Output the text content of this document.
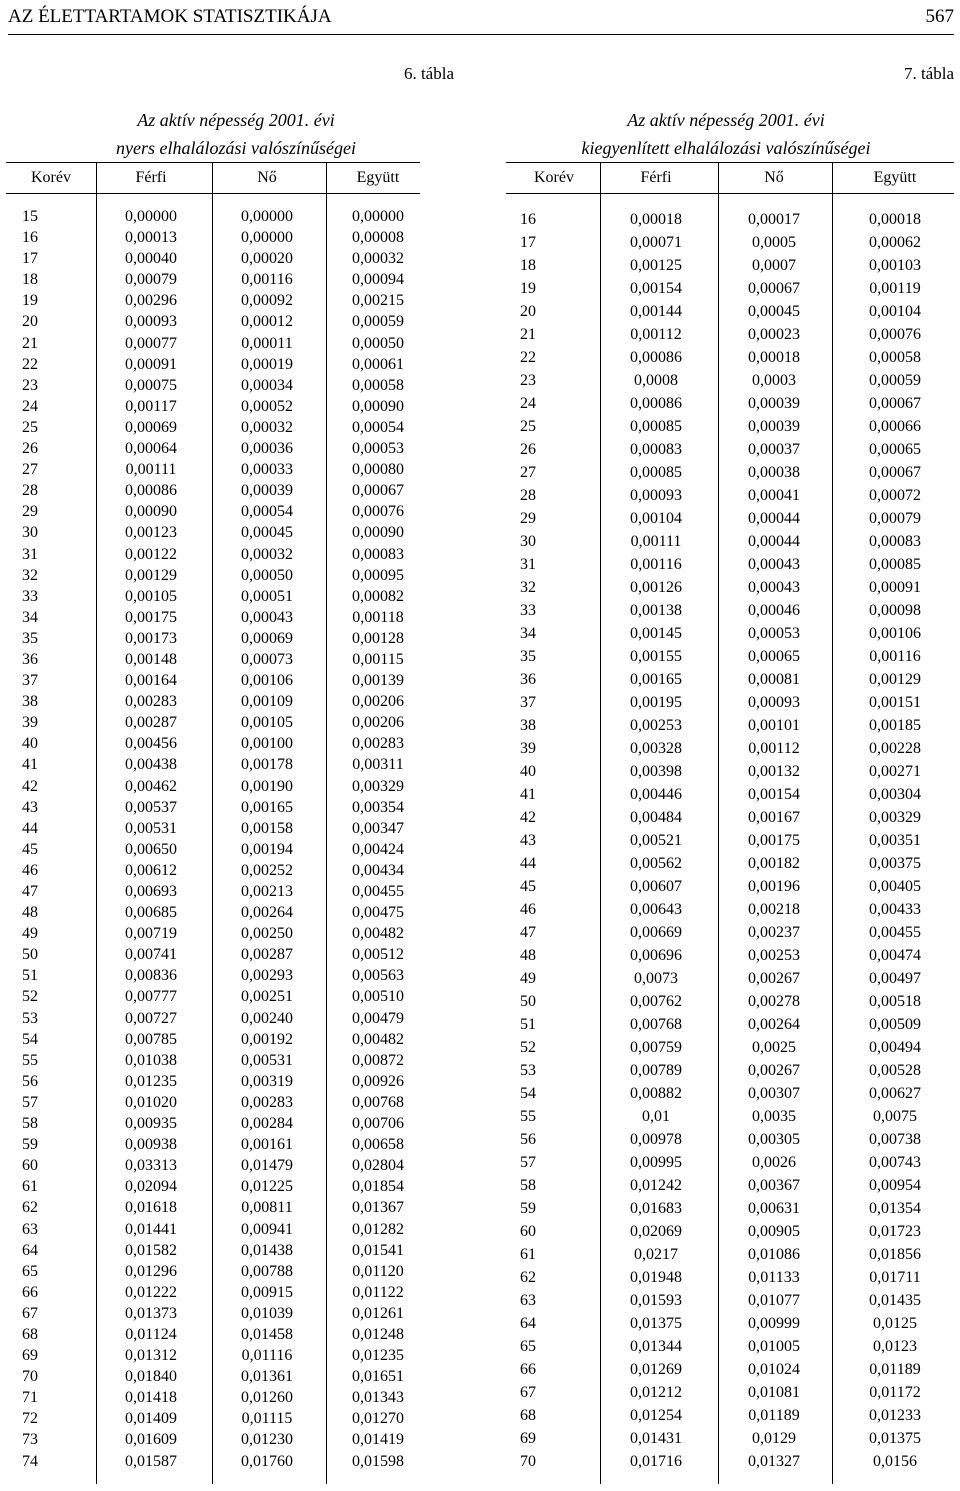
AZ ÉLETTARTAMOK STATISZTIKÁJA	567
6. tábla
Az aktív népesség 2001. évi
nyers elhalálozási valószínűségei
Korév	Férfi	Nő	Együtt
15	0,00000	0,00000	0,00000
16	0,00013	0,00000	0,00008
17	0,00040	0,00020	0,00032
18	0,00079	0,00116	0,00094
19	0,00296	0,00092	0,00215
20	0,00093	0,00012	0,00059
21	0,00077	0,00011	0,00050
22	0,00091	0,00019	0,00061
23	0,00075	0,00034	0,00058
24	0,00117	0,00052	0,00090
25	0,00069	0,00032	0,00054
26	0,00064	0,00036	0,00053
27	0,00111	0,00033	0,00080
28	0,00086	0,00039	0,00067
29	0,00090	0,00054	0,00076
30	0,00123	0,00045	0,00090
31	0,00122	0,00032	0,00083
32	0,00129	0,00050	0,00095
33	0,00105	0,00051	0,00082
34	0,00175	0,00043	0,00118
35	0,00173	0,00069	0,00128
36	0,00148	0,00073	0,00115
37	0,00164	0,00106	0,00139
38	0,00283	0,00109	0,00206
39	0,00287	0,00105	0,00206
40	0,00456	0,00100	0,00283
41	0,00438	0,00178	0,00311
42	0,00462	0,00190	0,00329
43	0,00537	0,00165	0,00354
44	0,00531	0,00158	0,00347
45	0,00650	0,00194	0,00424
46	0,00612	0,00252	0,00434
47	0,00693	0,00213	0,00455
48	0,00685	0,00264	0,00475
49	0,00719	0,00250	0,00482
50	0,00741	0,00287	0,00512
51	0,00836	0,00293	0,00563
52	0,00777	0,00251	0,00510
53	0,00727	0,00240	0,00479
54	0,00785	0,00192	0,00482
55	0,01038	0,00531	0,00872
56	0,01235	0,00319	0,00926
57	0,01020	0,00283	0,00768
58	0,00935	0,00284	0,00706
59	0,00938	0,00161	0,00658
60	0,03313	0,01479	0,02804
61	0,02094	0,01225	0,01854
62	0,01618	0,00811	0,01367
63	0,01441	0,00941	0,01282
64	0,01582	0,01438	0,01541
65	0,01296	0,00788	0,01120
66	0,01222	0,00915	0,01122
67	0,01373	0,01039	0,01261
68	0,01124	0,01458	0,01248
69	0,01312	0,01116	0,01235
70	0,01840	0,01361	0,01651
71	0,01418	0,01260	0,01343
72	0,01409	0,01115	0,01270
73	0,01609	0,01230	0,01419
74	0,01587	0,01760	0,01598
7. tábla
Az aktív népesség 2001. évi
kiegyenlített elhalálozási valószínűségei
Korév	Férfi	Nő	Együtt
16	0,00018	0,00017	0,00018
17	0,00071	0,0005	0,00062
18	0,00125	0,0007	0,00103
19	0,00154	0,00067	0,00119
20	0,00144	0,00045	0,00104
21	0,00112	0,00023	0,00076
22	0,00086	0,00018	0,00058
23	0,0008	0,0003	0,00059
24	0,00086	0,00039	0,00067
25	0,00085	0,00039	0,00066
26	0,00083	0,00037	0,00065
27	0,00085	0,00038	0,00067
28	0,00093	0,00041	0,00072
29	0,00104	0,00044	0,00079
30	0,00111	0,00044	0,00083
31	0,00116	0,00043	0,00085
32	0,00126	0,00043	0,00091
33	0,00138	0,00046	0,00098
34	0,00145	0,00053	0,00106
35	0,00155	0,00065	0,00116
36	0,00165	0,00081	0,00129
37	0,00195	0,00093	0,00151
38	0,00253	0,00101	0,00185
39	0,00328	0,00112	0,00228
40	0,00398	0,00132	0,00271
41	0,00446	0,00154	0,00304
42	0,00484	0,00167	0,00329
43	0,00521	0,00175	0,00351
44	0,00562	0,00182	0,00375
45	0,00607	0,00196	0,00405
46	0,00643	0,00218	0,00433
47	0,00669	0,00237	0,00455
48	0,00696	0,00253	0,00474
49	0,0073	0,00267	0,00497
50	0,00762	0,00278	0,00518
51	0,00768	0,00264	0,00509
52	0,00759	0,0025	0,00494
53	0,00789	0,00267	0,00528
54	0,00882	0,00307	0,00627
55	0,01	0,0035	0,0075
56	0,00978	0,00305	0,00738
57	0,00995	0,0026	0,00743
58	0,01242	0,00367	0,00954
59	0,01683	0,00631	0,01354
60	0,02069	0,00905	0,01723
61	0,0217	0,01086	0,01856
62	0,01948	0,01133	0,01711
63	0,01593	0,01077	0,01435
64	0,01375	0,00999	0,0125
65	0,01344	0,01005	0,0123
66	0,01269	0,01024	0,01189
67	0,01212	0,01081	0,01172
68	0,01254	0,01189	0,01233
69	0,01431	0,0129	0,01375
70	0,01716	0,01327	0,0156
